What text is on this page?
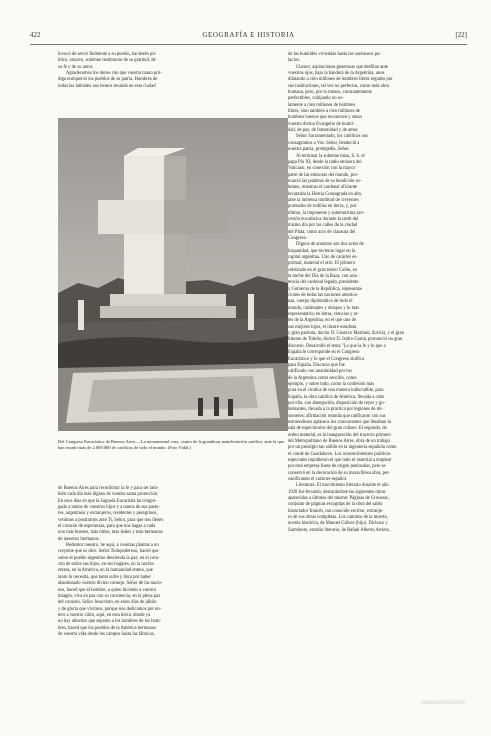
422	GEOGRAFÍA E HISTORIA	[22]

invocó de servir fielmente a su pueblo, haciendo pú-

blico, sincero, solemne testimonio de su gratitud, de

su fe y de su amor.

Agradecemos los dones con que vuestra mano pró-

diga enriqueció los pueblos de su patria. Hombres de

todas las latitudes nos hemos reunido en esta ciudad

Del Congreso Eucarístico de Buenos Aires.—La monumental cruz, centro de la grandiosa manifestación católica, ante la que han rezado más de 2.000.000 de católicos de todo el mundo. (Foto Vidal.)

de Buenos Aires para reconfortar la fe y para ser tam-

bién cada día más dignos de vuestra santa protección.

En esos días en que la Sagrada Eucaristía ha congre-

gado a tantos de vuestros hijos y a tantos de sus pasto-

res, argentinos y extranjeros, residentes y peregrinos,

venimos a postrarnos ante Ti, Señor, para que nos llenes

el corazón de esperanzas, para que nos hagas a cada

uno más buenos, más útiles, más leales y más hermanos

de nuestros hermanos.

Redentor nuestro, he aquí, a vuestras plantas a un

creyente que os dice: Señor Todopoderoso, haced que

sobre el pueblo argentino descienda la paz; en el cora-

zón de todos sus hijos, en sus hogares, en la nación

entera, en la América, en la humanidad entera, que

tanto lo necesita, que tanto sufre y llora por haber

abandonado vuestro divino consejo. Señor de las nacio-

nes, haced que el hombre, a quien hicisteis a vuestra

imagen, viva en paz con su conciencia, en la plena paz

del corazón. Señor Jesucristo, en estos días de júbilo

y de gloria que vivimos, porque nos dedicamos por en-

tero a vuestro culto, aquí, en esta tierra, donde ya

no hay abismos que separen a los hombres de los hom-

bres, haced que los pueblos de la América hermanos

de vuestra vida desde los campos hasta las fábricas,

de las humildes viviendas hasta los suntuosos pa-

lacios.

Clamor, aspiraciones generosas que desfilan ante

vuestros ojos, bajo la bandera de la Argentina, unos

dilatando a cien millones de hombres libres regados por

sus instituciones, tal vez no perfectas, como toda obra

humana, pero, por lo menos, constantemente

perfectibles, cobijando no so-

lamente a cien millones de hombres

libres, sino también a cien millones de

hombres buenos que reconocen y aman

vuestro divino Evangelio de humil-

dad, de paz, de fraternidad y de amor.

Señor Sacramentado, los católicos nos

consagramos a Vos. Señor, bendecid a

nuestra patria, protegedla, Señor.

Al terminar la solemne misa, S. S. el

papa Pío XI, desde la radio emisora del

Vaticano, en conexión con la mayor

parte de las emisoras del mundo, pro-

nunció las palabras de su bendición so-

lemne, mientras el cardenal oficiante

levantaba la Hostia Consagrada en alto,

ante la inmensa multitud de creyentes

postrados de rodillas en tierra, y, por

último, la imponente y solemnísima pro-

cesión eucarística durante la tarde del

mismo día por las calles de la ciudad

del Plata, como acto de clausura del

Congreso.

Dignos de anotarse son dos actos de

hispanidad, que tuvieron lugar en la

capital argentina. Uno de carácter es-

piritual, material el otro. El primero

celebrado en el gran teatro Colón, en

la noche del Día de la Raza, con asis-

tencia del cardenal legado, presidente

y Gobierno de la República, representa-

ciones de todas las naciones america-

nas, cuerpo diplomático de todo el

mundo, cardenales y obispos y lo más

representativo en letras, ciencias y ar-

tes de la Argentina, en el que uno de

sus mejores hijos, el ilustre estadista

y gran patriota, doctor D. Gustavo Martínez Zuviría, y el gran

literato de Toledo, doctor D. Isidro Gomá, pronunció un gran

discurso. Desarrolló el tema "Lo que la fe y lo que a

España le corresponde en el Congreso

Eucarístico y lo que el Congreso sinifica

para España. Discurso que fue

calificado con unanimidad por los

de la Argentina como sencillo, como

ejemplo, y sobre todo, como la confesión más

pura en el vindica de una manera indiscutible, para

España, la obra católica de América, llevada a cabo

por ella, con abnegación, disposición de reyes y go-

bernantes, llevada a la práctica por legiones de mi-

sioneros; afirmación rotunda que ratificaron con sus

estruendosos aplausos los concurrentes que llenaban la

sala de espectáculos del gran coliseo. El segundo, de

orden material, es la inauguración del trayecto primero

del Metropolitano de Buenos Aires, obra de un trabajo

por un prestigio tan sólido en la ingeniería española como

el conde de Guadalorce. Los acontecimientos políticos

especiales impidieron el que todo el material a emplear

por esta empresa fuese de origen peninsular, pero se

conservó en la decoración de su maravillosa obra, per-

sonificando el carácter español.

Literatura. El movimiento literario durante el año

1928 fué fecundo, destacándose las siguientes obras

aparecidas a últimos del mismo: Páginas de Groussac,

conjunto de páginas escogidas de la obra del sabio

historiador francés, tan conocido escritor, extranje-

ro de sus obras completas. Los caminos de la muerte,

novela histórica, de Manuel Gálvez (hijo). Dichoso y

Sarmiento, estudio literario, de Rafael Alberto Arrieta.

todocoleccion
